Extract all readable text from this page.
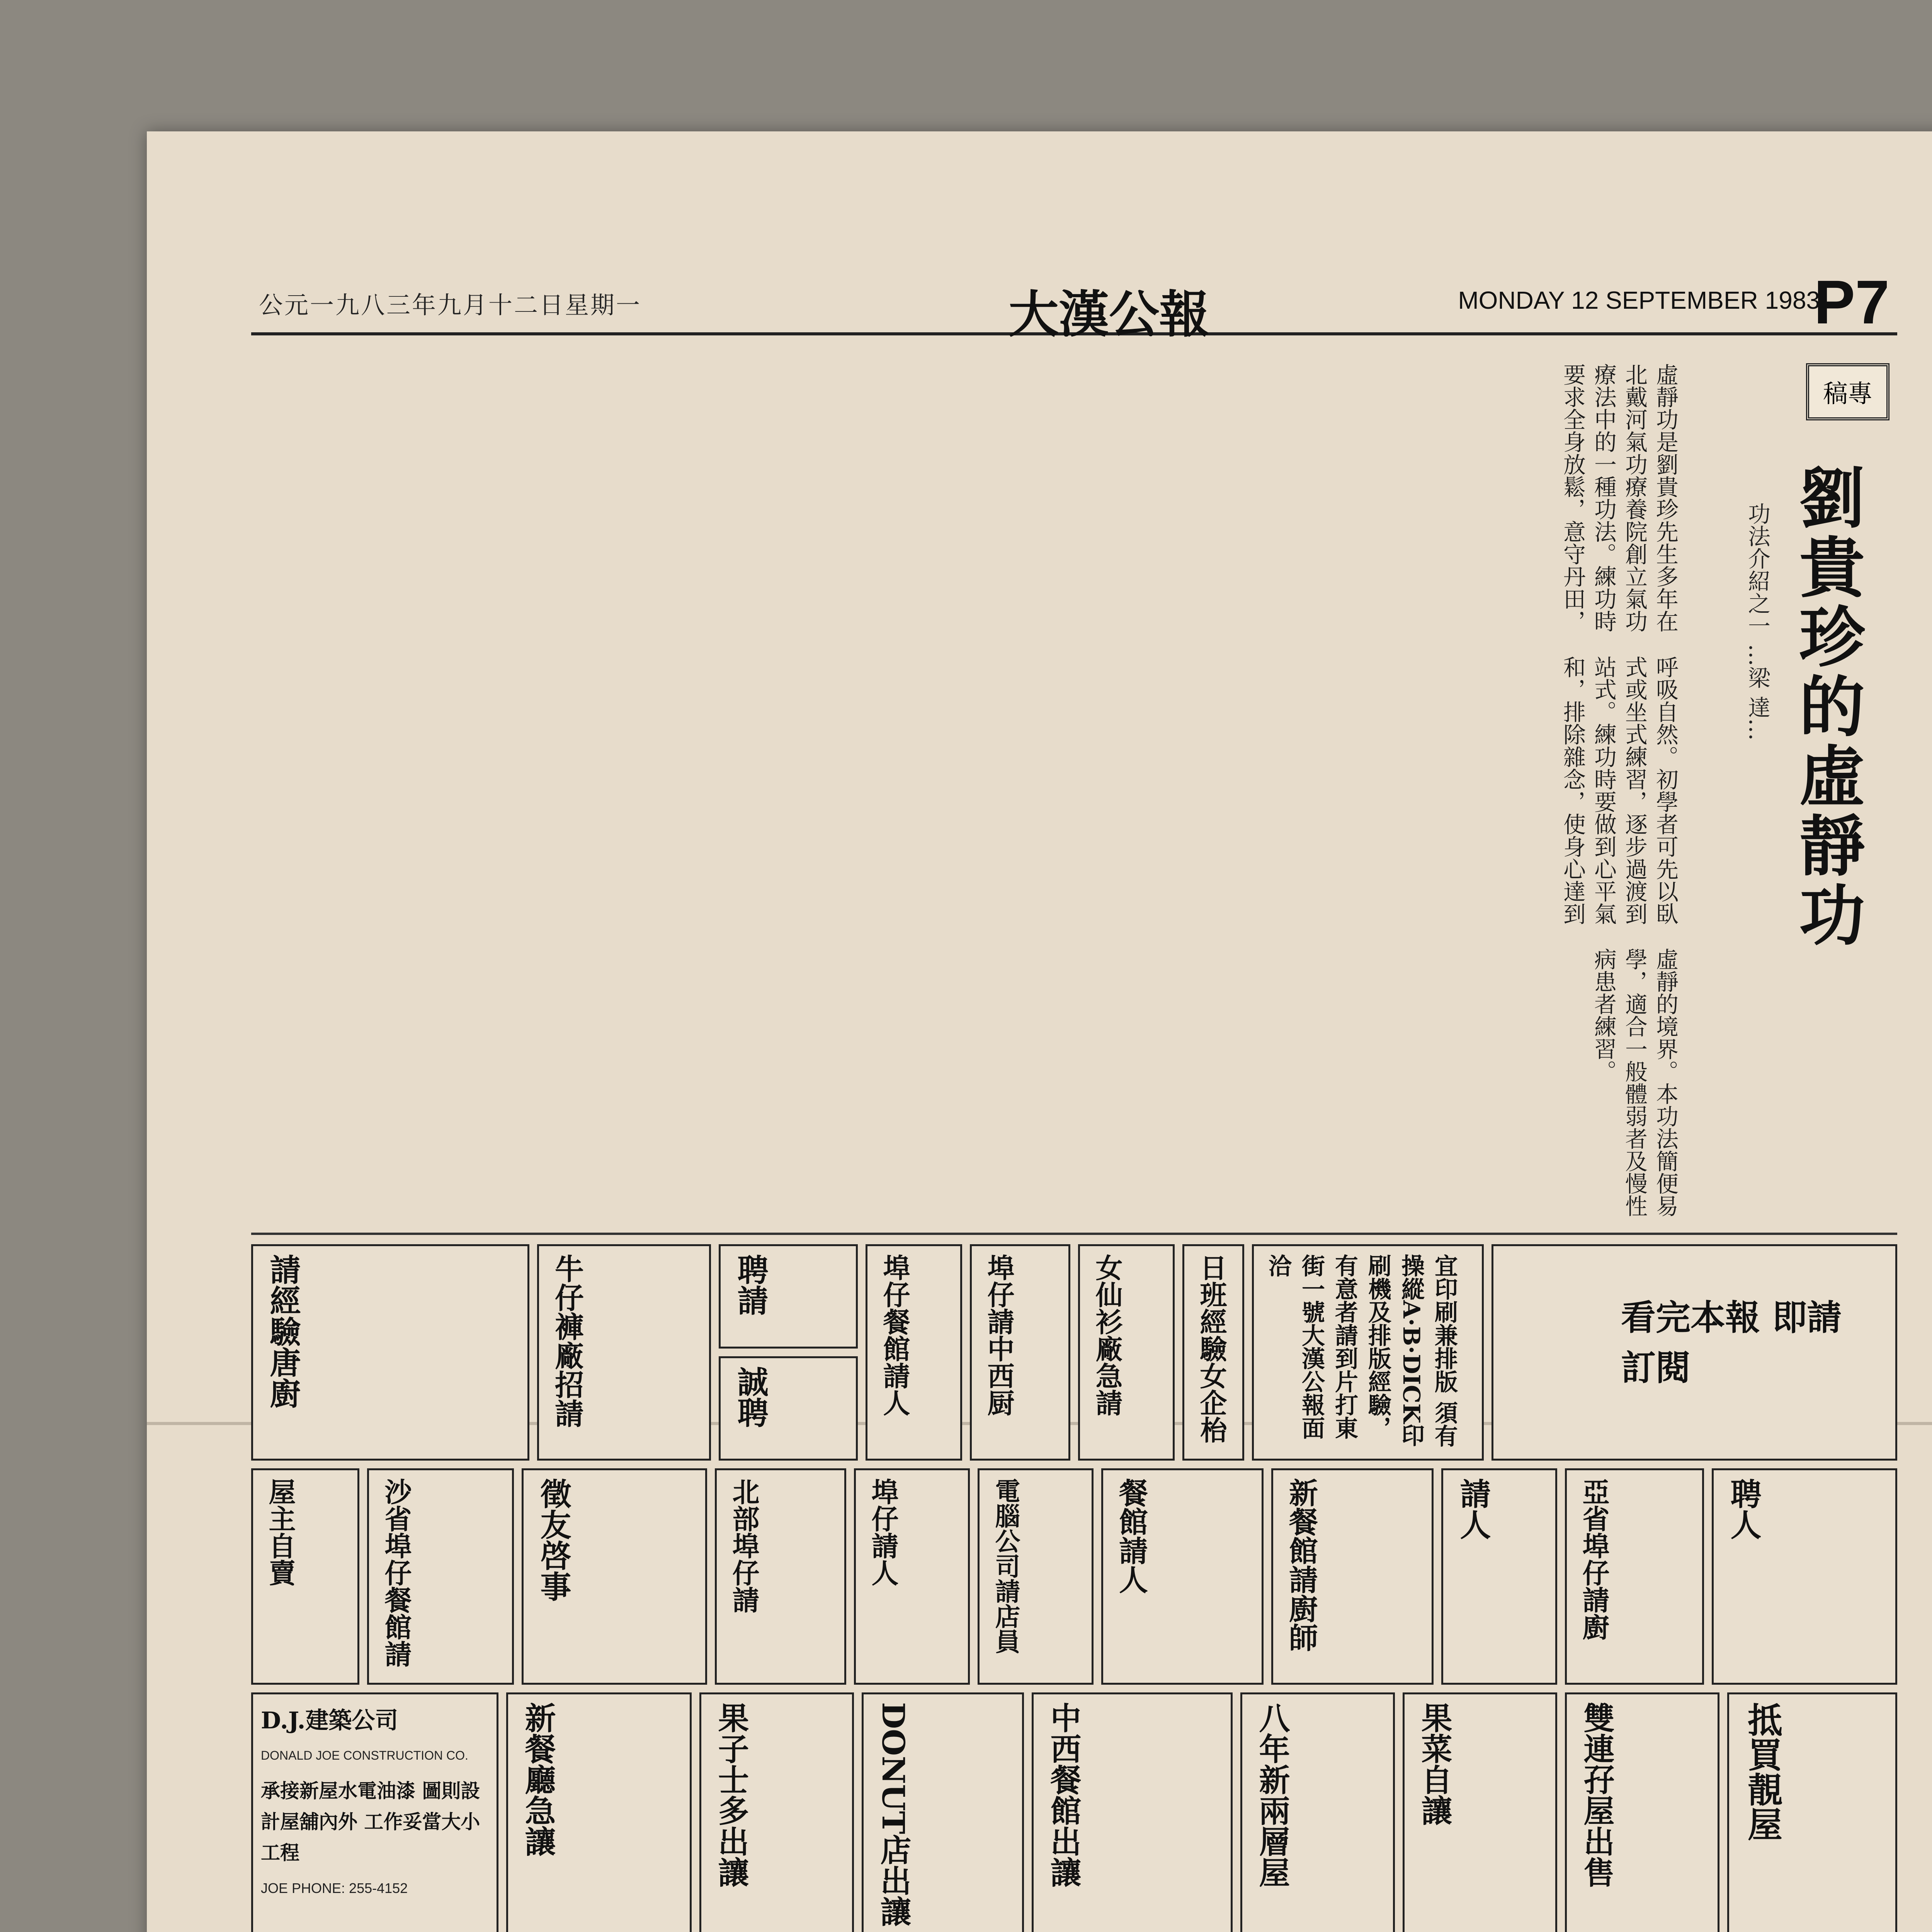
公元一九八三年九月十二日星期一	大漢公報	MONDAY 12 SEPTEMBER 1983
P7
稿專
劉貴珍的虛靜功
功法介紹之一 …梁 達…
虛靜功是劉貴珍先生多年在北戴河氣功療養院創立氣功療法中的一種功法。練功時要求全身放鬆，意守丹田，呼吸自然。初學者可先以臥式或坐式練習，逐步過渡到站式。練功時要做到心平氣和，排除雜念，使身心達到虛靜的境界。本功法簡便易學，適合一般體弱者及慢性病患者練習。
看完本報 即請訂閱
宜印刷兼排版 須有操縱A·B·DICK印刷機及排版經驗，有意者請到片打東街一號大漢公報面洽
日班經驗女企枱
女仙衫廠急請
埠仔請中西厨
埠仔餐館請人
聘請
誠聘
牛仔褲廠招請
請經驗唐廚
聘人
亞省埠仔請廚
請人
新餐館請廚師
餐館請人
電腦公司請店員
埠仔請人
北部埠仔請
徵友啓事
沙省埠仔餐館請
屋主自賣
D.J.建築公司
DONALD JOE CONSTRUCTION CO.
承接新屋水電油漆 圖則設計屋舖內外 工作妥當大小工程
JOE PHONE: 255-4152
新餐廳急讓	果子士多出讓	DONUT店出讓	中西餐館出讓	八年新兩層屋	果菜自讓	雙連孖屋出售	抵買靚屋
